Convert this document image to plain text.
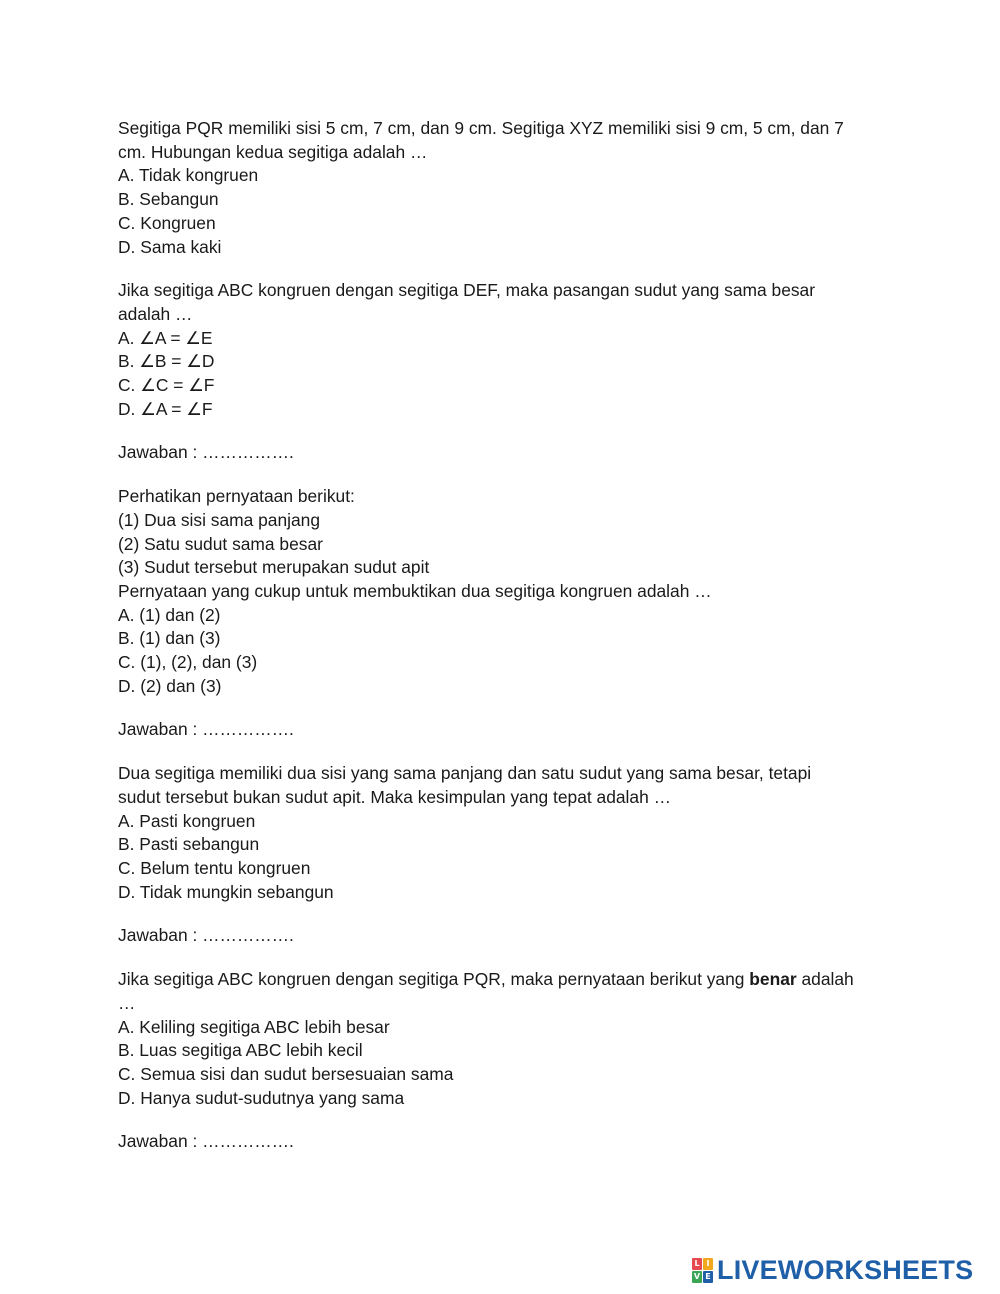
Segitiga PQR memiliki sisi 5 cm, 7 cm, dan 9 cm. Segitiga XYZ memiliki sisi 9 cm, 5 cm, dan 7
cm. Hubungan kedua segitiga adalah …
A. Tidak kongruen
B. Sebangun
C. Kongruen
D. Sama kaki
Jika segitiga ABC kongruen dengan segitiga DEF, maka pasangan sudut yang sama besar
adalah …
A. ∠A = ∠E
B. ∠B = ∠D
C. ∠C = ∠F
D. ∠A = ∠F
Jawaban : …………….
Perhatikan pernyataan berikut:
(1) Dua sisi sama panjang
(2) Satu sudut sama besar
(3) Sudut tersebut merupakan sudut apit
Pernyataan yang cukup untuk membuktikan dua segitiga kongruen adalah …
A. (1) dan (2)
B. (1) dan (3)
C. (1), (2), dan (3)
D. (2) dan (3)
Jawaban : …………….
Dua segitiga memiliki dua sisi yang sama panjang dan satu sudut yang sama besar, tetapi
sudut tersebut bukan sudut apit. Maka kesimpulan yang tepat adalah …
A. Pasti kongruen
B. Pasti sebangun
C. Belum tentu kongruen
D. Tidak mungkin sebangun
Jawaban : …………….
Jika segitiga ABC kongruen dengan segitiga PQR, maka pernyataan berikut yang benar adalah
…
A. Keliling segitiga ABC lebih besar
B. Luas segitiga ABC lebih kecil
C. Semua sisi dan sudut bersesuaian sama
D. Hanya sudut-sudutnya yang sama
Jawaban : …………….
L I
V E LIVEWORKSHEETS
